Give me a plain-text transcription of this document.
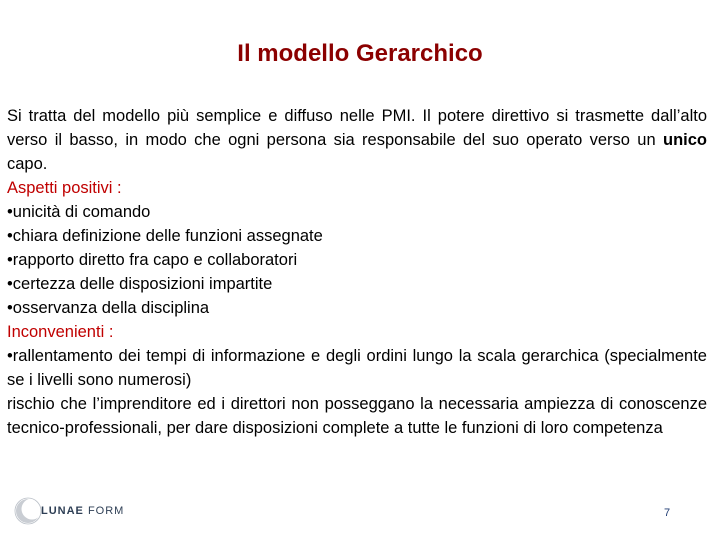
Il modello Gerarchico

Si tratta del modello più semplice e diffuso nelle PMI. Il potere direttivo si trasmette dall’alto verso il basso, in modo che ogni persona sia responsabile del suo operato verso un unico capo.

Aspetti positivi :

•unicità di comando

•chiara definizione delle funzioni assegnate

•rapporto diretto fra capo e collaboratori

•certezza delle disposizioni impartite

•osservanza della disciplina

Inconvenienti :

•rallentamento dei tempi di informazione e degli ordini lungo la scala gerarchica (specialmente se i livelli sono numerosi)

rischio che l’imprenditore ed i direttori non posseggano la necessaria ampiezza di conoscenze tecnico-professionali, per dare disposizioni complete a tutte le funzioni di loro competenza

LUNAE FORM	7
